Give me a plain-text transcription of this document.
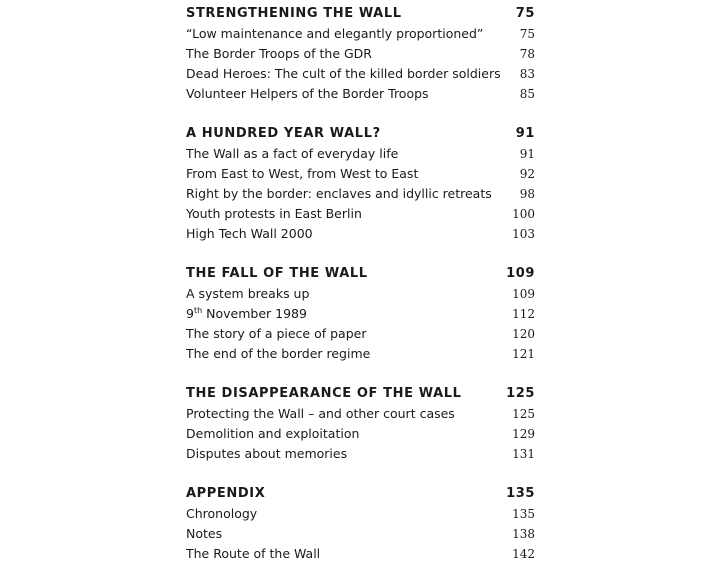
STRENGTHENING THE WALL	75
“Low maintenance and elegantly proportioned”	75
The Border Troops of the GDR	78
Dead Heroes: The cult of the killed border soldiers 83
Volunteer Helpers of the Border Troops	85
A HUNDRED YEAR WALL?	91
The Wall as a fact of everyday life	91
From East to West, from West to East	92
Right by the border: enclaves and idyllic retreats 98
Youth protests in East Berlin	100
High Tech Wall 2000	103
THE FALL OF THE WALL	109
A system breaks up	109
9th November 1989	112
The story of a piece of paper	120
The end of the border regime	121
THE DISAPPEARANCE OF THE WALL	125
Protecting the Wall – and other court cases	125
Demolition and exploitation	129
Disputes about memories	131
APPENDIX	135
Chronology	135
Notes	138
The Route of the Wall	142
